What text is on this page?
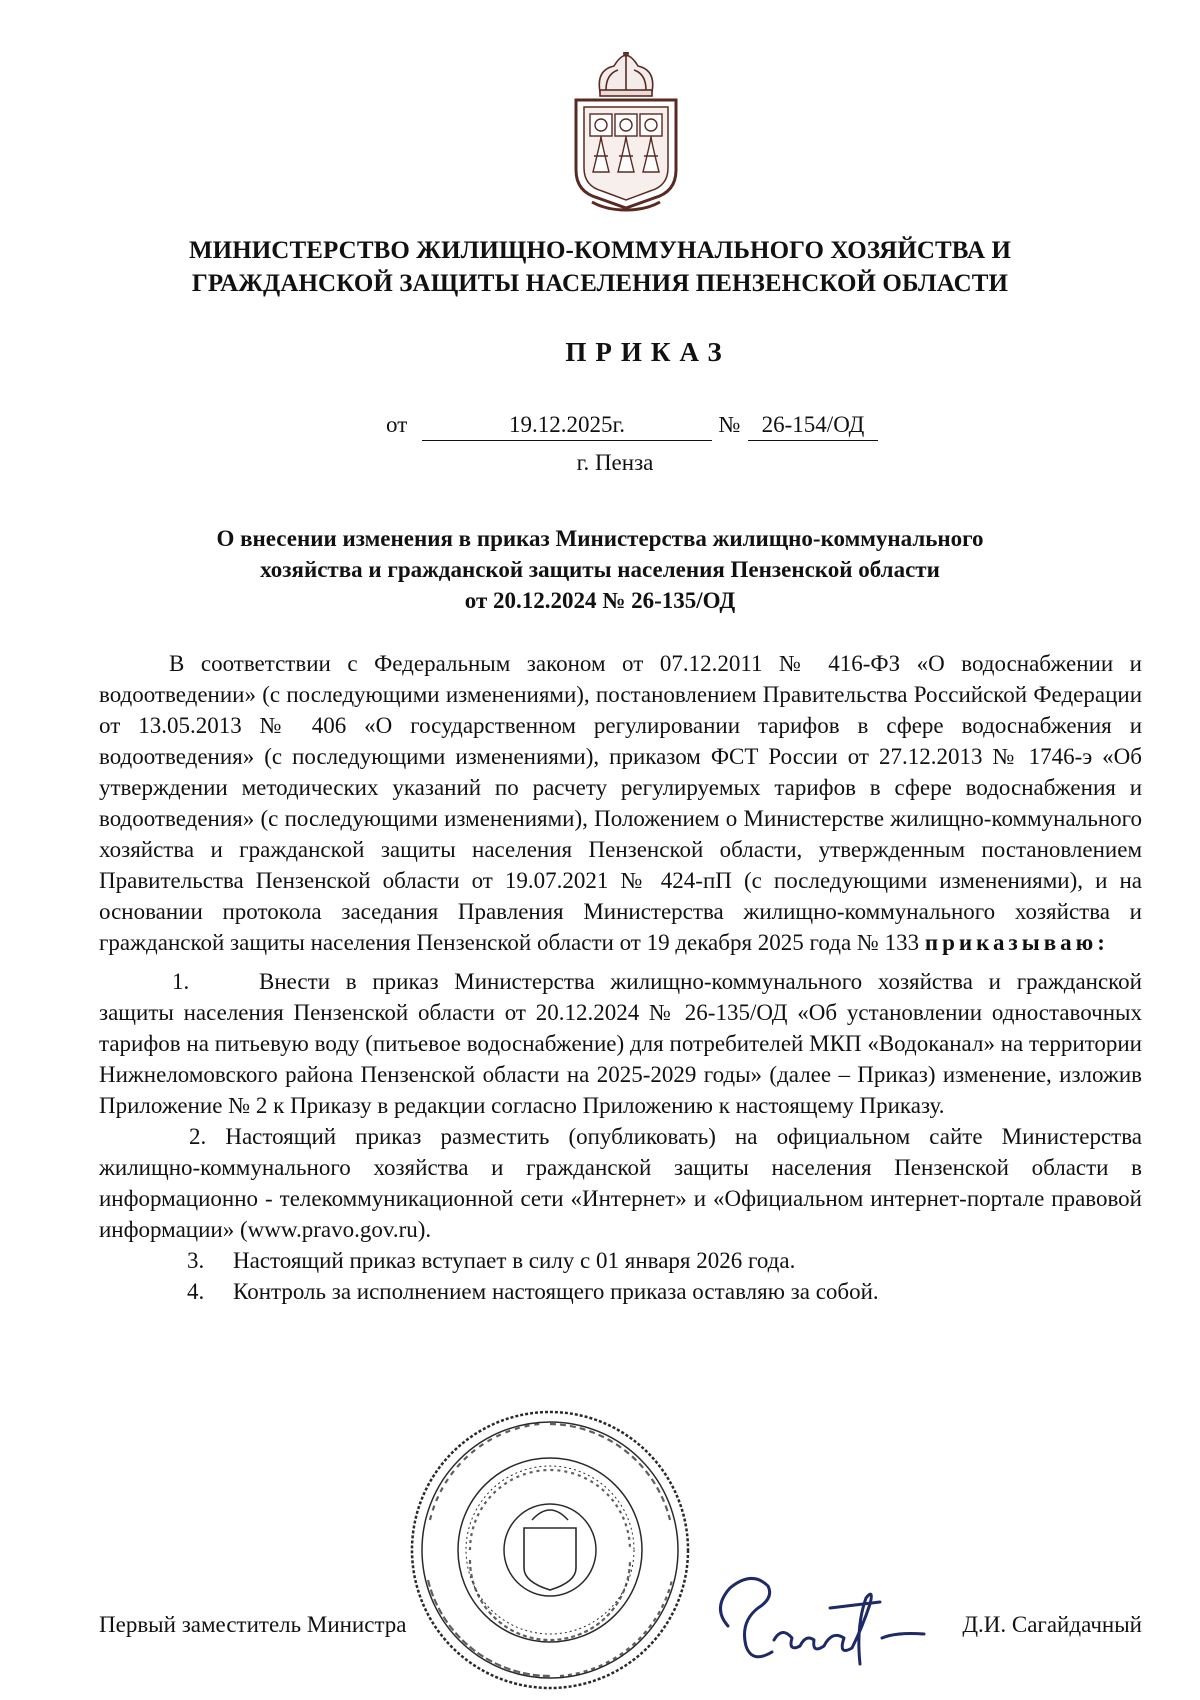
МИНИСТЕРСТВО ЖИЛИЩНО-КОММУНАЛЬНОГО ХОЗЯЙСТВА И
ГРАЖДАНСКОЙ ЗАЩИТЫ НАСЕЛЕНИЯ ПЕНЗЕНСКОЙ ОБЛАСТИ
ПРИКАЗ
от	19.12.2025г.	№ 26-154/ОД
г. Пенза
О внесении изменения в приказ Министерства жилищно-коммунального
хозяйства и гражданской защиты населения Пензенской области
от 20.12.2024 № 26-135/ОД

В соответствии с Федеральным законом от 07.12.2011 № 416-ФЗ «О водоснабжении и водоотведении» (с последующими изменениями), постановлением Правительства Российской Федерации от 13.05.2013 № 406 «О государственном регулировании тарифов в сфере водоснабжения и водоотведения» (с последующими изменениями), приказом ФСТ России от 27.12.2013 № 1746-э «Об утверждении методических указаний по расчету регулируемых тарифов в сфере водоснабжения и водоотведения» (с последующими изменениями), Положением о Министерстве жилищно-коммунального хозяйства и гражданской защиты населения Пензенской области, утвержденным постановлением Правительства Пензенской области от 19.07.2021 № 424-пП (с последующими изменениями), и на основании протокола заседания Правления Министерства жилищно-коммунального хозяйства и гражданской защиты населения Пензенской области от 19 декабря 2025 года № 133 приказываю:

1.	Внести в приказ Министерства жилищно-коммунального хозяйства и гражданской защиты населения Пензенской области от 20.12.2024 № 26-135/ОД «Об установлении одноставочных тарифов на питьевую воду (питьевое водоснабжение) для потребителей МКП «Водоканал» на территории Нижнеломовского района Пензенской области на 2025-2029 годы» (далее – Приказ) изменение, изложив Приложение № 2 к Приказу в редакции согласно Приложению к настоящему Приказу.

2. Настоящий приказ разместить (опубликовать) на официальном сайте Министерства жилищно-коммунального хозяйства и гражданской защиты населения Пензенской области в информационно - телекоммуникационной сети «Интернет» и «Официальном интернет-портале правовой информации» (www.pravo.gov.ru).

3. Настоящий приказ вступает в силу с 01 января 2026 года.

4. Контроль за исполнением настоящего приказа оставляю за собой.

Первый заместитель Министра	Д.И. Сагайдачный
